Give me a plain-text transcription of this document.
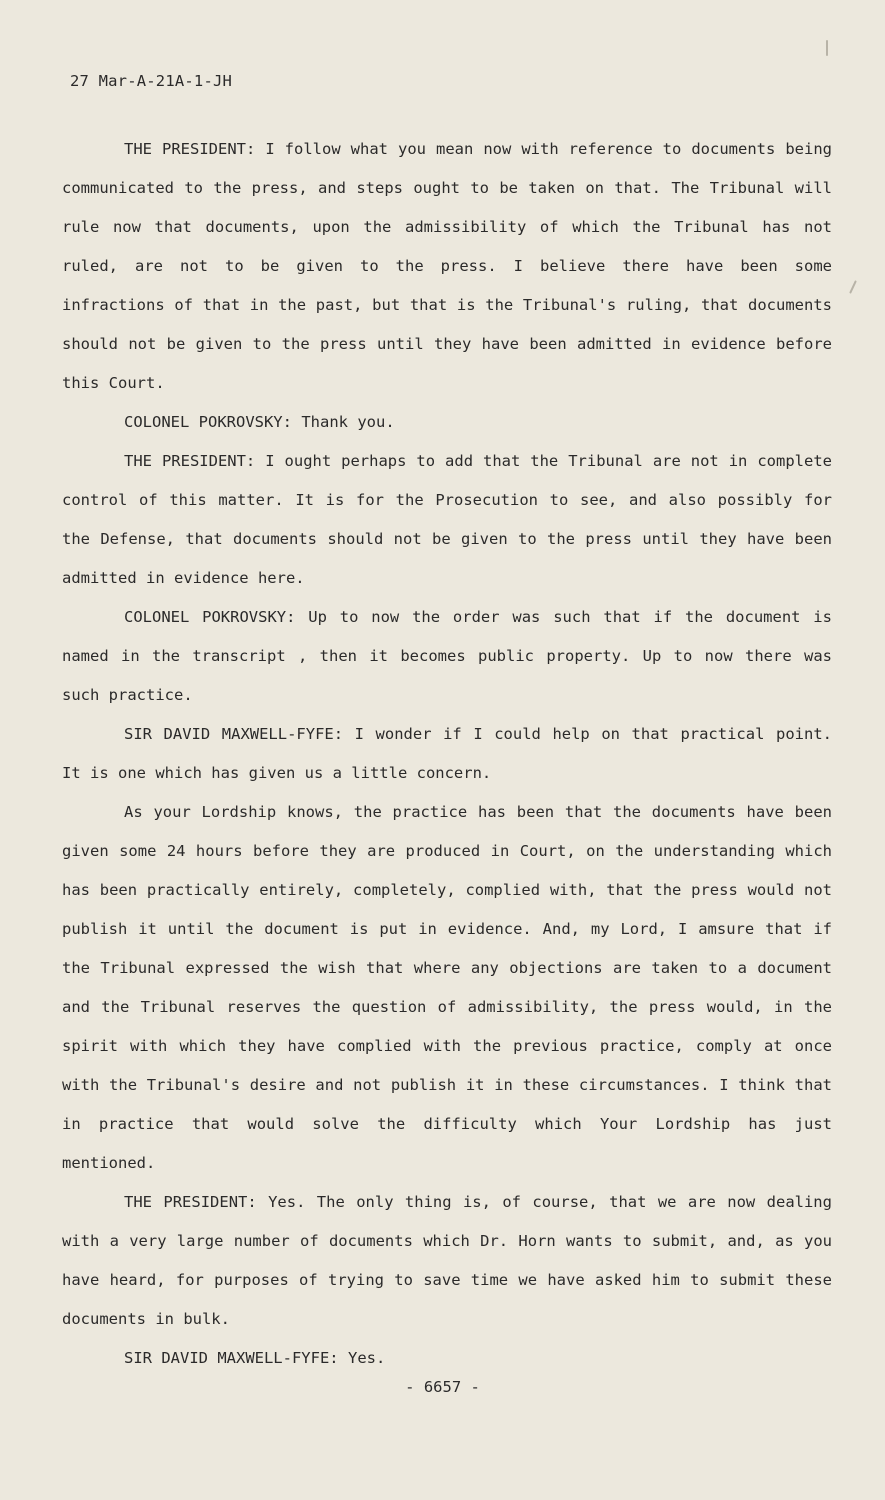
27 Mar-A-21A-1-JH

THE PRESIDENT: I follow what you mean now with reference to documents being communicated to the press, and steps ought to be taken on that. The Tribunal will rule now that documents, upon the admissibility of which the Tribunal has not ruled, are not to be given to the press. I believe there have been some infractions of that in the past, but that is the Tribunal's ruling, that documents should not be given to the press until they have been admitted in evidence before this Court.

COLONEL POKROVSKY: Thank you.

THE PRESIDENT: I ought perhaps to add that the Tribunal are not in complete control of this matter. It is for the Prosecution to see, and also possibly for the Defense, that documents should not be given to the press until they have been admitted in evidence here.

COLONEL POKROVSKY: Up to now the order was such that if the document is named in the transcript , then it becomes public property. Up to now there was such practice.

SIR DAVID MAXWELL-FYFE: I wonder if I could help on that practical point. It is one which has given us a little concern.

As your Lordship knows, the practice has been that the documents have been given some 24 hours before they are produced in Court, on the understanding which has been practically entirely, completely, complied with, that the press would not publish it until the document is put in evidence. And, my Lord, I amsure that if the Tribunal expressed the wish that where any objections are taken to a document and the Tribunal reserves the question of admissibility, the press would, in the spirit with which they have complied with the previous practice, comply at once with the Tribunal's desire and not publish it in these circumstances. I think that in practice that would solve the difficulty which Your Lordship has just mentioned.

THE PRESIDENT: Yes. The only thing is, of course, that we are now dealing with a very large number of documents which Dr. Horn wants to submit, and, as you have heard, for purposes of trying to save time we have asked him to submit these documents in bulk.

SIR DAVID MAXWELL-FYFE: Yes.

- 6657 -
